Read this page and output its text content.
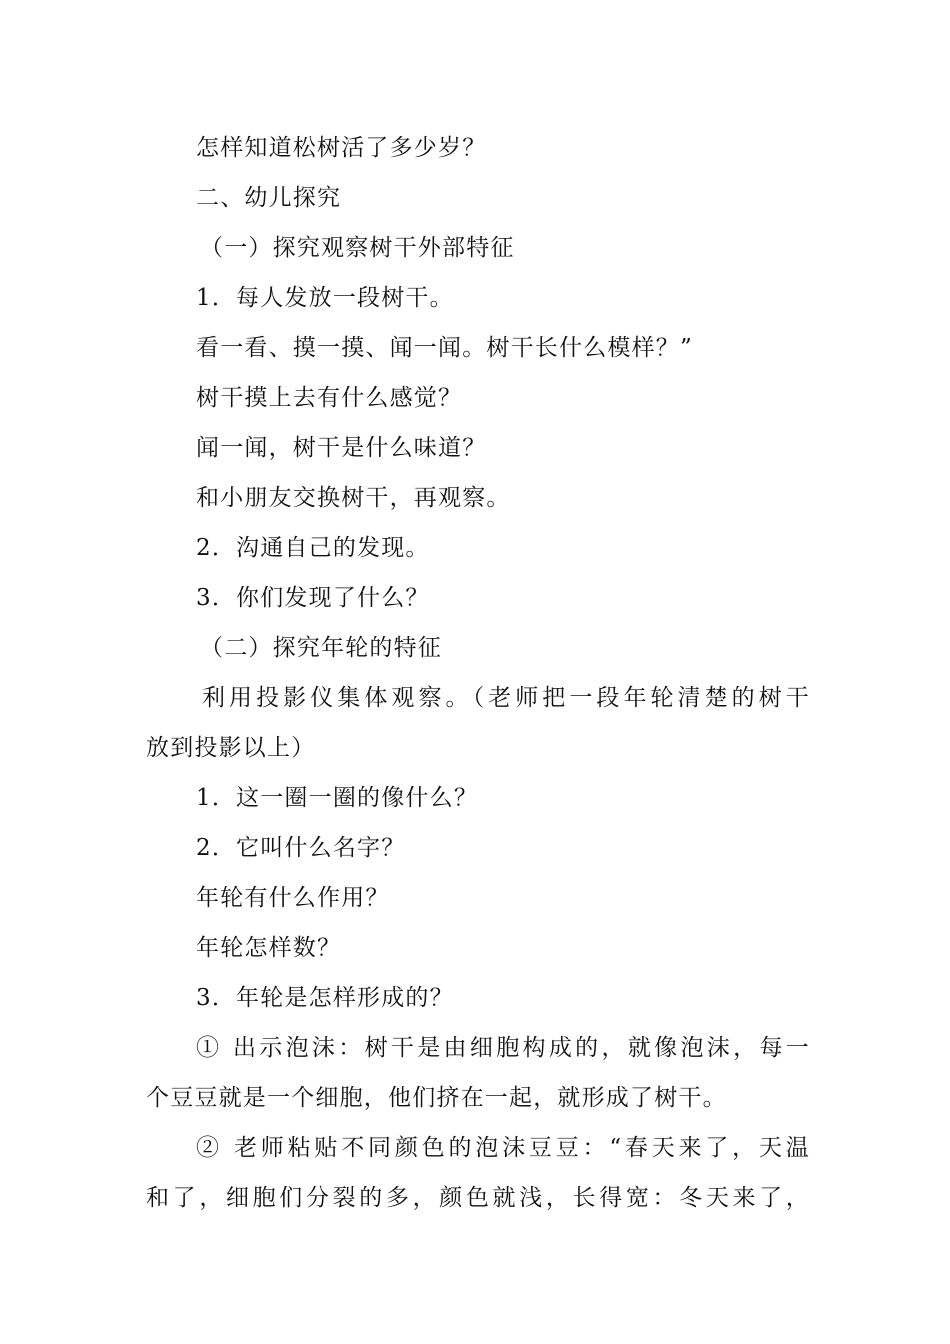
怎样知道松树活了多少岁？
二、幼儿探究
（一）探究观察树干外部特征
1．每人发放一段树干。
看一看、摸一摸、闻一闻。树干长什么模样？”
树干摸上去有什么感觉？
闻一闻，树干是什么味道？
和小朋友交换树干，再观察。
2．沟通自己的发现。
3．你们发现了什么？
（二）探究年轮的特征
利用投影仪集体观察。（老师把一段年轮清楚的树干
放到投影以上）
1．这一圈一圈的像什么？
2．它叫什么名字？
年轮有什么作用？
年轮怎样数？
3．年轮是怎样形成的？
① 出示泡沫：树干是由细胞构成的，就像泡沫，每一
个豆豆就是一个细胞，他们挤在一起，就形成了树干。
② 老师粘贴不同颜色的泡沫豆豆：“春天来了，天温
和了，细胞们分裂的多，颜色就浅，长得宽：冬天来了，
